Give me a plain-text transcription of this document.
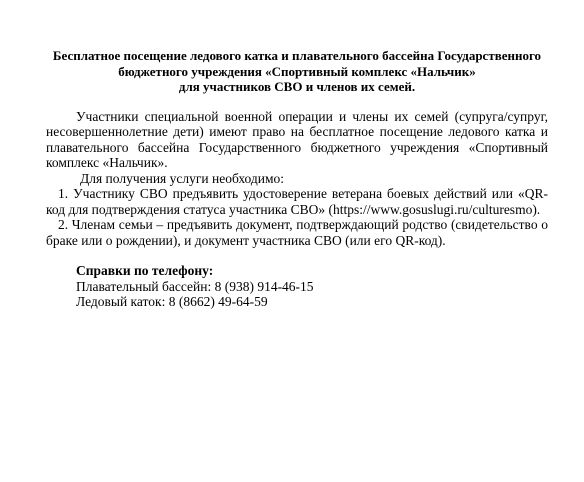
Бесплатное посещение ледового катка и плавательного бассейна Государственного
бюджетного учреждения «Спортивный комплекс «Нальчик»
для участников СВО и членов их семей.

Участники специальной военной операции и члены их семей (супруга/супруг, несовершеннолетние дети) имеют право на бесплатное посещение ледового катка и плавательного бассейна Государственного бюджетного учреждения «Спортивный комплекс «Нальчик».

Для получения услуги необходимо:

1. Участнику СВО предъявить удостоверение ветерана боевых действий или «QR-код для подтверждения статуса участника СВО» (https://www.gosuslugi.ru/culturesmo).

2. Членам семьи – предъявить документ, подтверждающий родство (свидетельство о браке или о рождении), и документ участника СВО (или его QR-код).

Справки по телефону:

Плавательный бассейн: 8 (938) 914-46-15

Ледовый каток: 8 (8662) 49-64-59
